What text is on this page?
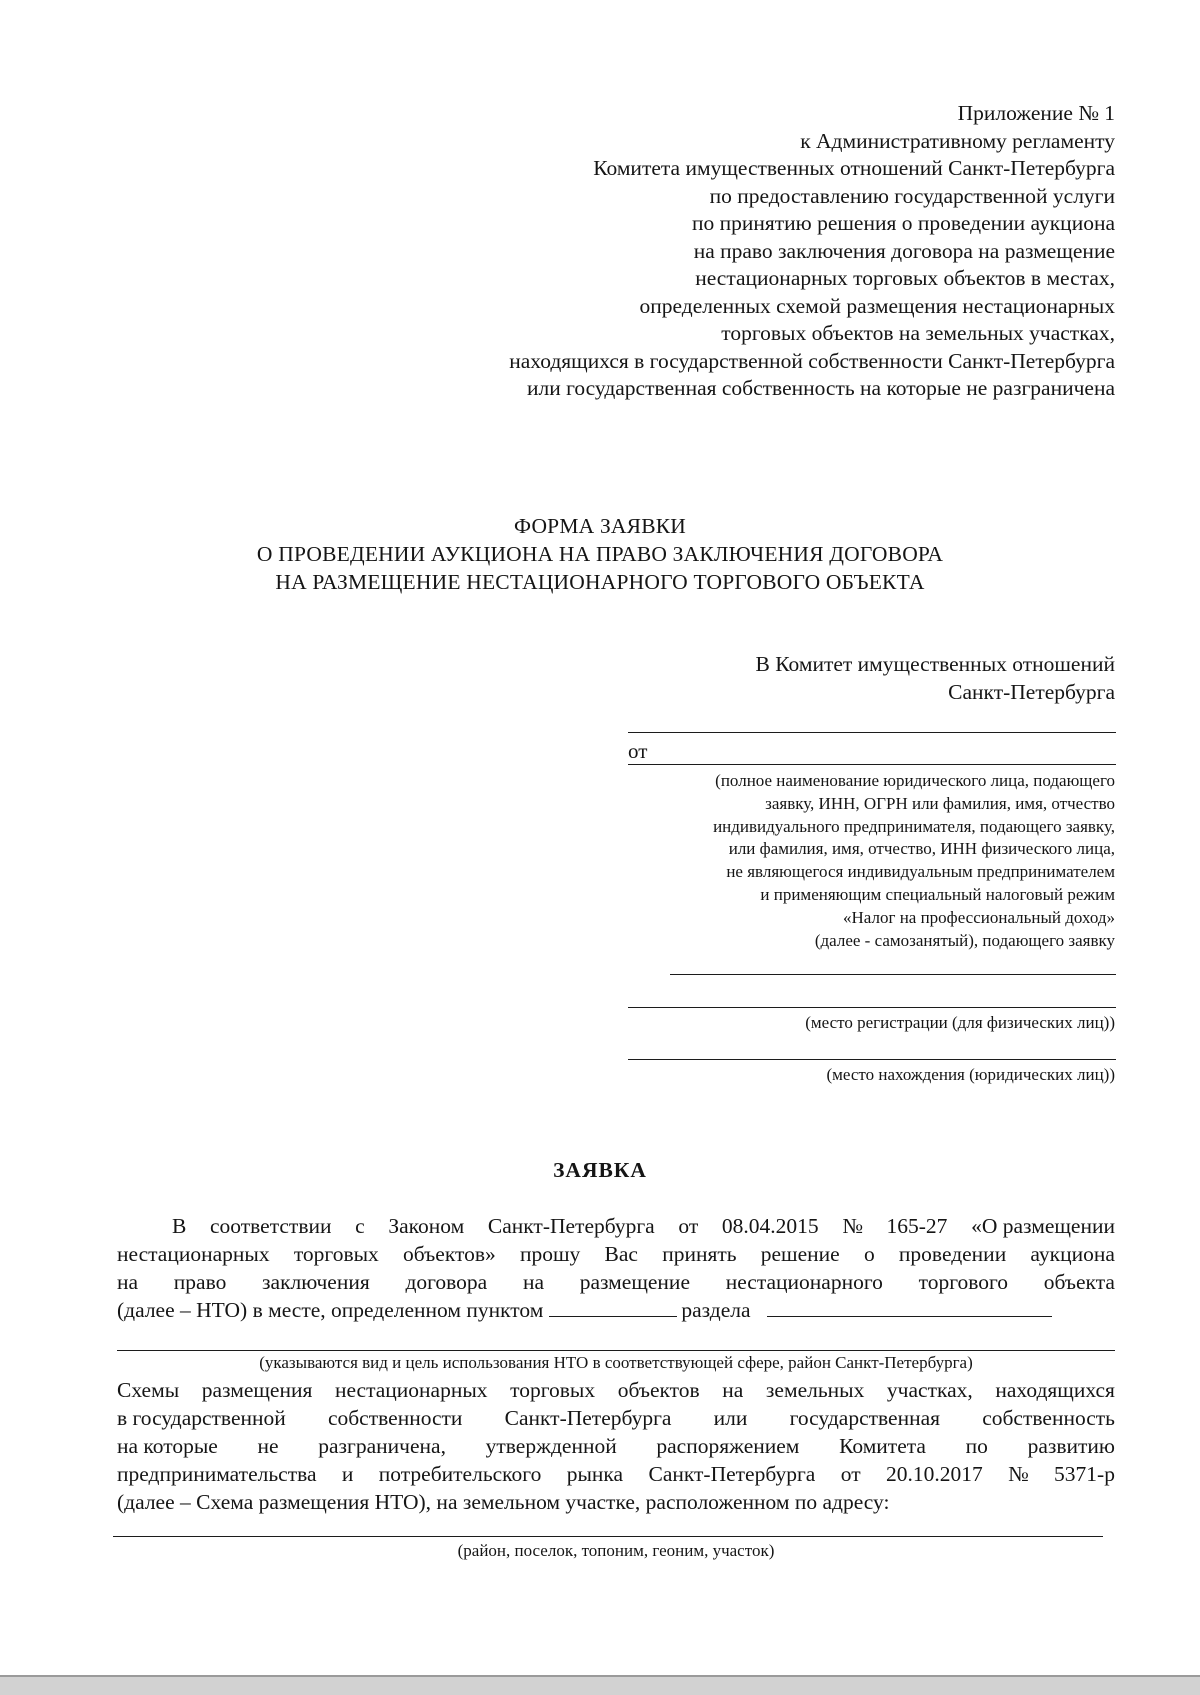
Приложение № 1
к Административному регламенту
Комитета имущественных отношений Санкт-Петербурга
по предоставлению государственной услуги
по принятию решения о проведении аукциона
на право заключения договора на размещение
нестационарных торговых объектов в местах,
определенных схемой размещения нестационарных
торговых объектов на земельных участках,
находящихся в государственной собственности Санкт-Петербурга
или государственная собственность на которые не разграничена
ФОРМА ЗАЯВКИ
О ПРОВЕДЕНИИ АУКЦИОНА НА ПРАВО ЗАКЛЮЧЕНИЯ ДОГОВОРА
НА РАЗМЕЩЕНИЕ НЕСТАЦИОНАРНОГО ТОРГОВОГО ОБЪЕКТА
В Комитет имущественных отношений
Санкт-Петербурга
от
(полное наименование юридического лица, подающего
заявку, ИНН, ОГРН или фамилия, имя, отчество
индивидуального предпринимателя, подающего заявку,
или фамилия, имя, отчество, ИНН физического лица,
не являющегося индивидуальным предпринимателем
и применяющим специальный налоговый режим
«Налог на профессиональный доход»
(далее - самозанятый), подающего заявку
(место регистрации (для физических лиц))
(место нахождения (юридических лиц))
ЗАЯВКА
В соответствии с Законом Санкт-Петербурга от 08.04.2015 № 165-27 «О размещении
нестационарных торговых объектов» прошу Вас принять решение о проведении аукциона
на право заключения договора на размещение нестационарного торгового объекта
(далее – НТО) в месте, определенном пунктом	раздела
(указываются вид и цель использования НТО в соответствующей сфере, район Санкт-Петербурга)
Схемы размещения нестационарных торговых объектов на земельных участках, находящихся
в государственной собственности Санкт-Петербурга или государственная собственность
на которые не разграничена, утвержденной распоряжением Комитета по развитию
предпринимательства и потребительского рынка Санкт-Петербурга от 20.10.2017 № 5371-р
(далее – Схема размещения НТО), на земельном участке, расположенном по адресу:
(район, поселок, топоним, геоним, участок)
